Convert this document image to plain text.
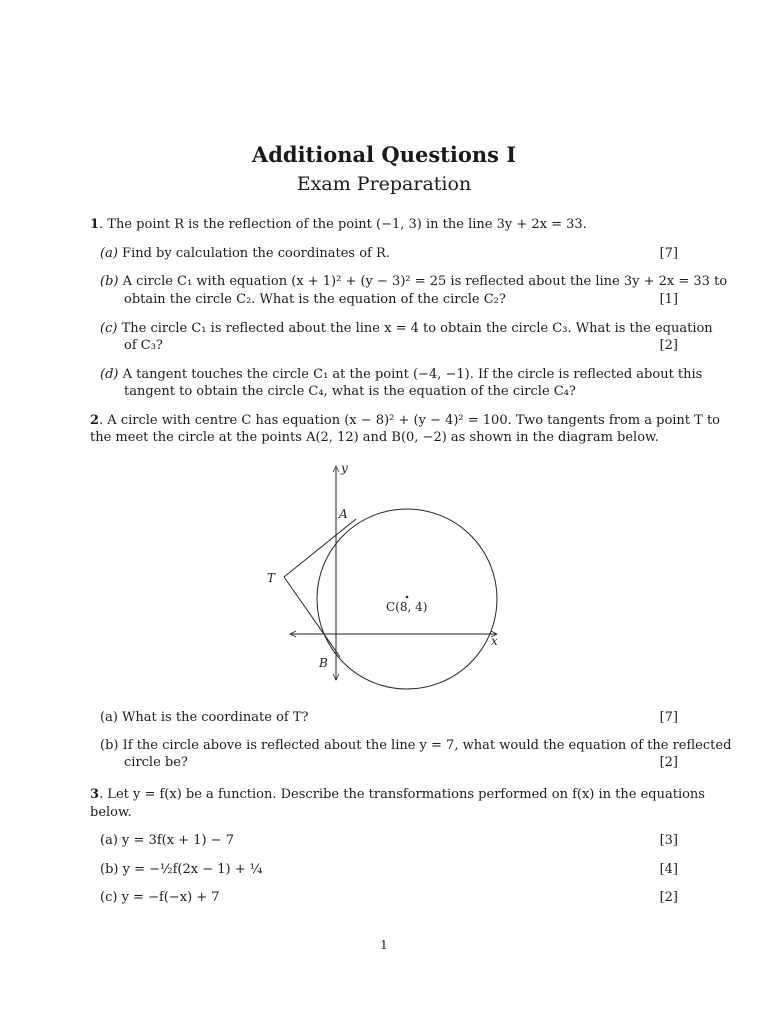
Additional Questions I
Exam Preparation
1. The point R is the reflection of the point (−1, 3) in the line 3y + 2x = 33.
(a) Find by calculation the coordinates of R.	[7]
(b) A circle C₁ with equation (x + 1)² + (y − 3)² = 25 is reflected about the line 3y + 2x = 33 to
obtain the circle C₂. What is the equation of the circle C₂?	[1]
(c) The circle C₁ is reflected about the line x = 4 to obtain the circle C₃. What is the equation
of C₃?	[2]
(d) A tangent touches the circle C₁ at the point (−4, −1). If the circle is reflected about this
tangent to obtain the circle C₄, what is the equation of the circle C₄?
2. A circle with centre C has equation (x − 8)² + (y − 4)² = 100. Two tangents from a point T to
the meet the circle at the points A(2, 12) and B(0, −2) as shown in the diagram below.
y
A
T
C(8, 4)
x
B
(a) What is the coordinate of T?	[7]
(b) If the circle above is reflected about the line y = 7, what would the equation of the reflected
circle be?	[2]
3. Let y = f(x) be a function. Describe the transformations performed on f(x) in the equations
below.
(a) y = 3f(x + 1) − 7	[3]
(b) y = −½f(2x − 1) + ¼	[4]
(c) y = −f(−x) + 7	[2]
1
